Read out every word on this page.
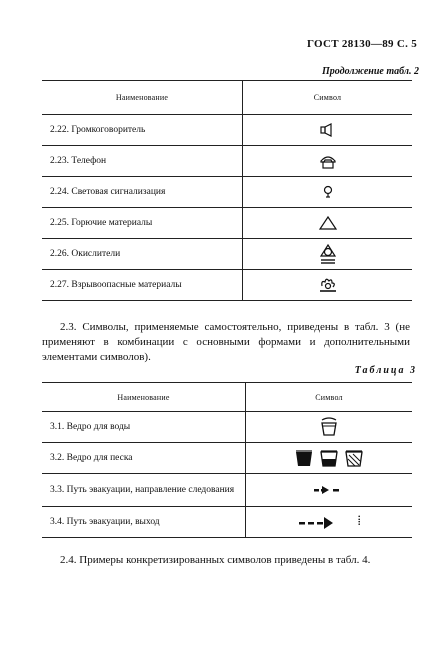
ГОСТ 28130—89 С. 5
Продолжение табл. 2
Наименование	Символ
2.22. Громкоговоритель	
2.23. Телефон	
2.24. Световая сигнализация	
2.25. Горючие материалы	
2.26. Окислители	
2.27. Взрывоопасные материалы	
2.3. Символы, применяемые самостоятельно, приведены в табл. 3 (не применяют в комбинации с основными формами и дополнительными элементами символов).
Таблица 3
Наименование	Символ
3.1. Ведро для воды	
3.2. Ведро для песка	
3.3. Путь эвакуации, направление следования	
3.4. Путь эвакуации, выход	⁞
2.4. Примеры конкретизированных символов приведены в табл. 4.
